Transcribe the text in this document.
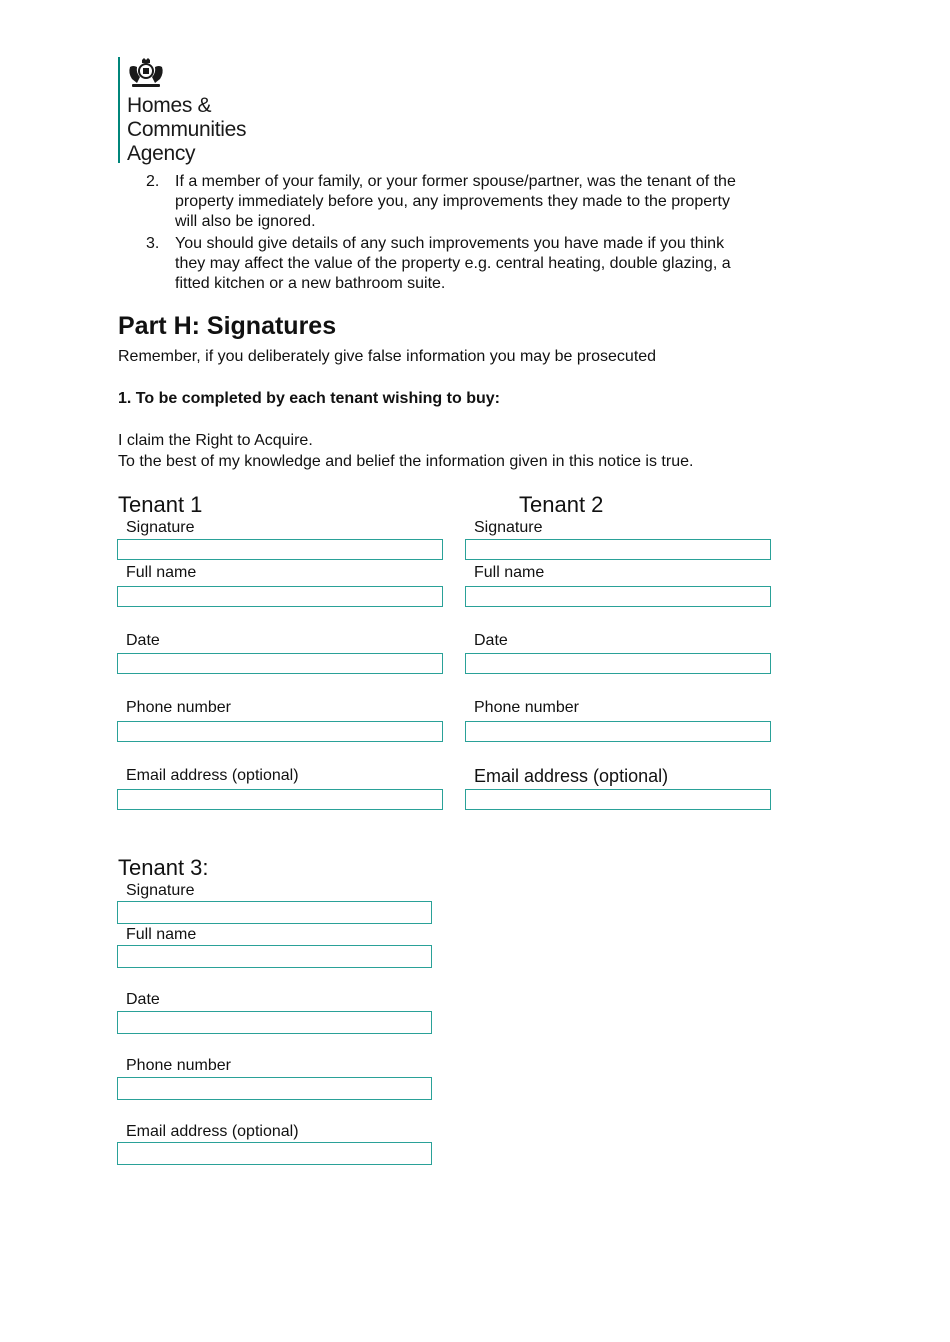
Homes &
Communities
Agency
2. If a member of your family, or your former spouse/partner, was the tenant of the property immediately before you, any improvements they made to the property will also be ignored.
3. You should give details of any such improvements you have made if you think they may affect the value of the property e.g. central heating, double glazing, a fitted kitchen or a new bathroom suite.
Part H: Signatures
Remember, if you deliberately give false information you may be prosecuted
1. To be completed by each tenant wishing to buy:
I claim the Right to Acquire.
To the best of my knowledge and belief the information given in this notice is true.
Tenant 1
Signature
Full name
Date
Phone number
Email address (optional)
Tenant 2
Signature
Full name
Date
Phone number
Email address (optional)
Tenant 3:
Signature
Full name
Date
Phone number
Email address (optional)
